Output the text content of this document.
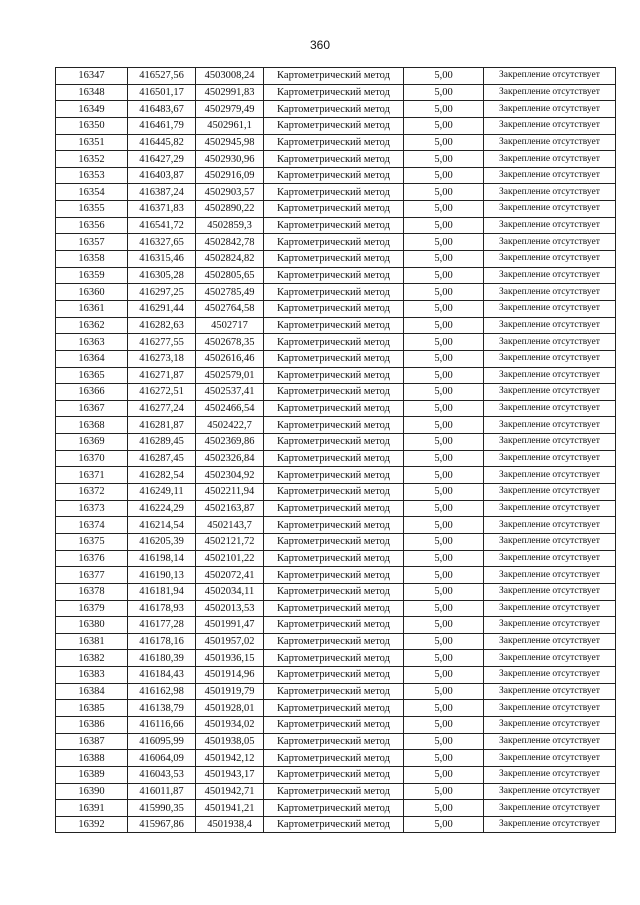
360
16347	416527,56	4503008,24	Картометрический метод	5,00	Закрепление отсутствует
16348	416501,17	4502991,83	Картометрический метод	5,00	Закрепление отсутствует
16349	416483,67	4502979,49	Картометрический метод	5,00	Закрепление отсутствует
16350	416461,79	4502961,1	Картометрический метод	5,00	Закрепление отсутствует
16351	416445,82	4502945,98	Картометрический метод	5,00	Закрепление отсутствует
16352	416427,29	4502930,96	Картометрический метод	5,00	Закрепление отсутствует
16353	416403,87	4502916,09	Картометрический метод	5,00	Закрепление отсутствует
16354	416387,24	4502903,57	Картометрический метод	5,00	Закрепление отсутствует
16355	416371,83	4502890,22	Картометрический метод	5,00	Закрепление отсутствует
16356	416541,72	4502859,3	Картометрический метод	5,00	Закрепление отсутствует
16357	416327,65	4502842,78	Картометрический метод	5,00	Закрепление отсутствует
16358	416315,46	4502824,82	Картометрический метод	5,00	Закрепление отсутствует
16359	416305,28	4502805,65	Картометрический метод	5,00	Закрепление отсутствует
16360	416297,25	4502785,49	Картометрический метод	5,00	Закрепление отсутствует
16361	416291,44	4502764,58	Картометрический метод	5,00	Закрепление отсутствует
16362	416282,63	4502717	Картометрический метод	5,00	Закрепление отсутствует
16363	416277,55	4502678,35	Картометрический метод	5,00	Закрепление отсутствует
16364	416273,18	4502616,46	Картометрический метод	5,00	Закрепление отсутствует
16365	416271,87	4502579,01	Картометрический метод	5,00	Закрепление отсутствует
16366	416272,51	4502537,41	Картометрический метод	5,00	Закрепление отсутствует
16367	416277,24	4502466,54	Картометрический метод	5,00	Закрепление отсутствует
16368	416281,87	4502422,7	Картометрический метод	5,00	Закрепление отсутствует
16369	416289,45	4502369,86	Картометрический метод	5,00	Закрепление отсутствует
16370	416287,45	4502326,84	Картометрический метод	5,00	Закрепление отсутствует
16371	416282,54	4502304,92	Картометрический метод	5,00	Закрепление отсутствует
16372	416249,11	4502211,94	Картометрический метод	5,00	Закрепление отсутствует
16373	416224,29	4502163,87	Картометрический метод	5,00	Закрепление отсутствует
16374	416214,54	4502143,7	Картометрический метод	5,00	Закрепление отсутствует
16375	416205,39	4502121,72	Картометрический метод	5,00	Закрепление отсутствует
16376	416198,14	4502101,22	Картометрический метод	5,00	Закрепление отсутствует
16377	416190,13	4502072,41	Картометрический метод	5,00	Закрепление отсутствует
16378	416181,94	4502034,11	Картометрический метод	5,00	Закрепление отсутствует
16379	416178,93	4502013,53	Картометрический метод	5,00	Закрепление отсутствует
16380	416177,28	4501991,47	Картометрический метод	5,00	Закрепление отсутствует
16381	416178,16	4501957,02	Картометрический метод	5,00	Закрепление отсутствует
16382	416180,39	4501936,15	Картометрический метод	5,00	Закрепление отсутствует
16383	416184,43	4501914,96	Картометрический метод	5,00	Закрепление отсутствует
16384	416162,98	4501919,79	Картометрический метод	5,00	Закрепление отсутствует
16385	416138,79	4501928,01	Картометрический метод	5,00	Закрепление отсутствует
16386	416116,66	4501934,02	Картометрический метод	5,00	Закрепление отсутствует
16387	416095,99	4501938,05	Картометрический метод	5,00	Закрепление отсутствует
16388	416064,09	4501942,12	Картометрический метод	5,00	Закрепление отсутствует
16389	416043,53	4501943,17	Картометрический метод	5,00	Закрепление отсутствует
16390	416011,87	4501942,71	Картометрический метод	5,00	Закрепление отсутствует
16391	415990,35	4501941,21	Картометрический метод	5,00	Закрепление отсутствует
16392	415967,86	4501938,4	Картометрический метод	5,00	Закрепление отсутствует
